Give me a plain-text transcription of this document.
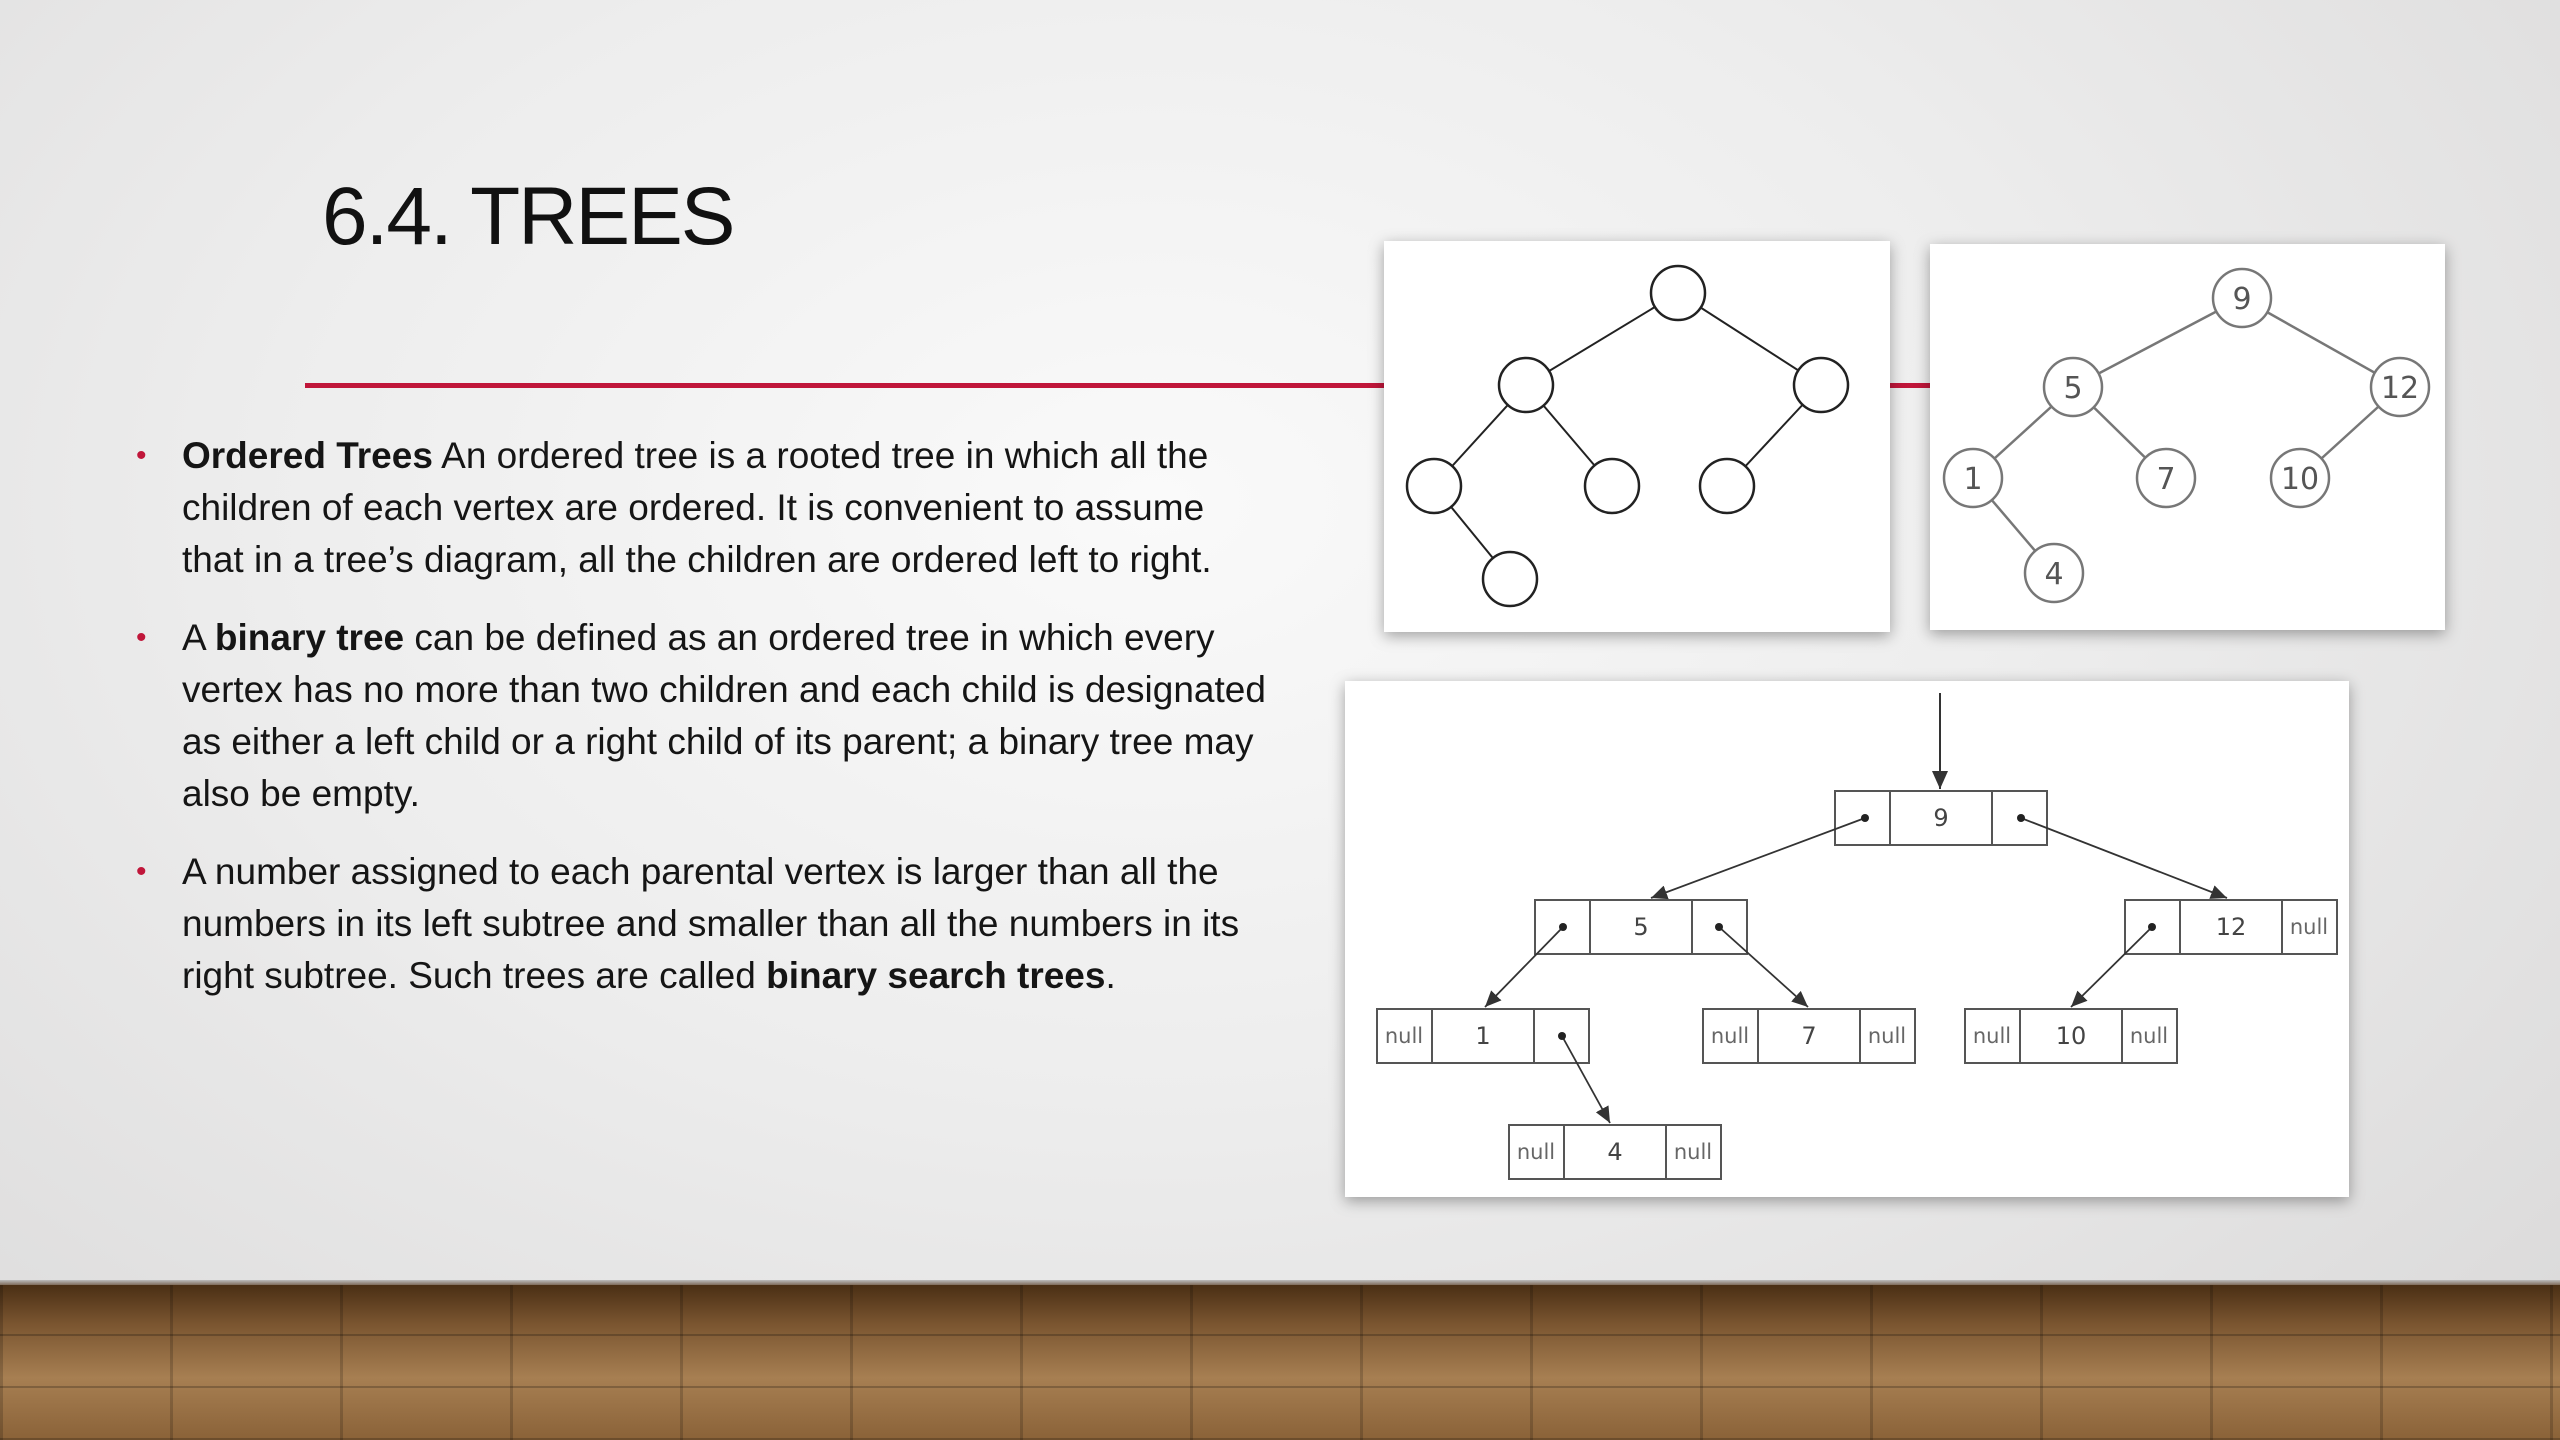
6.4. TREES
• Ordered Trees An ordered tree is a rooted tree in which all the children of each vertex are ordered. It is convenient to assume that in a tree’s diagram, all the children are ordered left to right.
• A binary tree can be defined as an ordered tree in which every vertex has no more than two children and each child is designated as either a left child or a right child of its parent; a binary tree may also be empty.
• A number assigned to each parental vertex is larger than all the numbers in its left subtree and smaller than all the numbers in its right subtree. Such trees are called binary search trees.
9
5	12
1	7	10
4
9
5	12
1	7	10
4
null
null	null	null	null	null
null	null
